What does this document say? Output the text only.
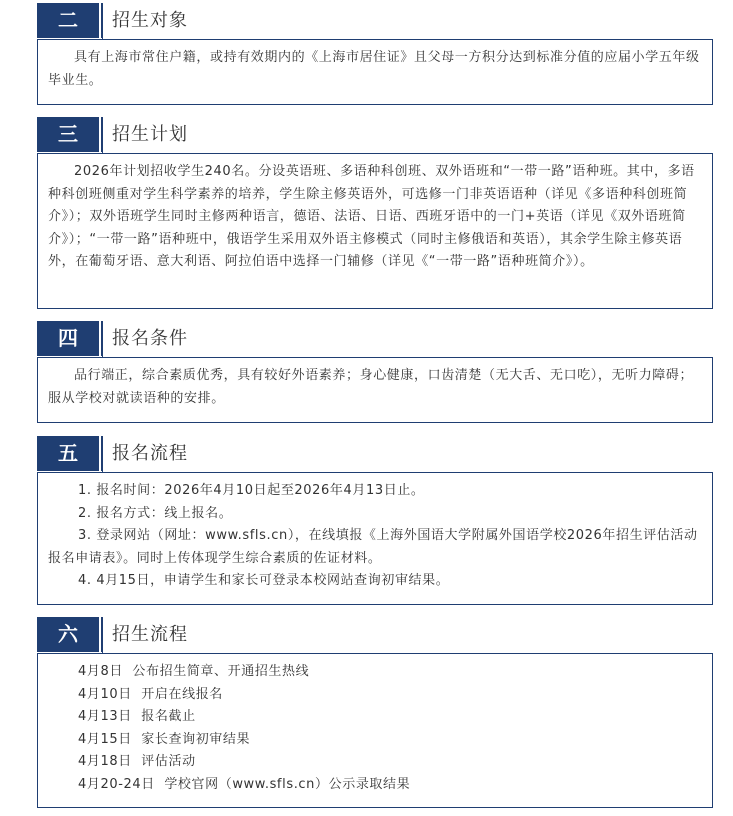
二	招生对象

具有上海市常住户籍，或持有效期内的《上海市居住证》且父母一方积分达到标准分值的应届小学五年级毕业生。

三	招生计划

2026年计划招收学生240名。分设英语班、多语种科创班、双外语班和“一带一路”语种班。其中，多语种科创班侧重对学生科学素养的培养，学生除主修英语外，可选修一门非英语语种（详见《多语种科创班简介》）；双外语班学生同时主修两种语言，德语、法语、日语、西班牙语中的一门+英语（详见《双外语班简介》）；“一带一路”语种班中，俄语学生采用双外语主修模式（同时主修俄语和英语），其余学生除主修英语外，在葡萄牙语、意大利语、阿拉伯语中选择一门辅修（详见《“一带一路”语种班简介》）。

四	报名条件

品行端正，综合素质优秀，具有较好外语素养；身心健康，口齿清楚（无大舌、无口吃），无听力障碍；服从学校对就读语种的安排。

五	报名流程
1. 报名时间：2026年4月10日起至2026年4月13日止。
2. 报名方式：线上报名。
3. 登录网站（网址：www.sfls.cn），在线填报《上海外国语大学附属外国语学校2026年招生评估活动报名申请表》。同时上传体现学生综合素质的佐证材料。
4. 4月15日，申请学生和家长可登录本校网站查询初审结果。
六	招生流程
4月8日 公布招生简章、开通招生热线
4月10日 开启在线报名
4月13日 报名截止
4月15日 家长查询初审结果
4月18日 评估活动
4月20-24日 学校官网（www.sfls.cn）公示录取结果
